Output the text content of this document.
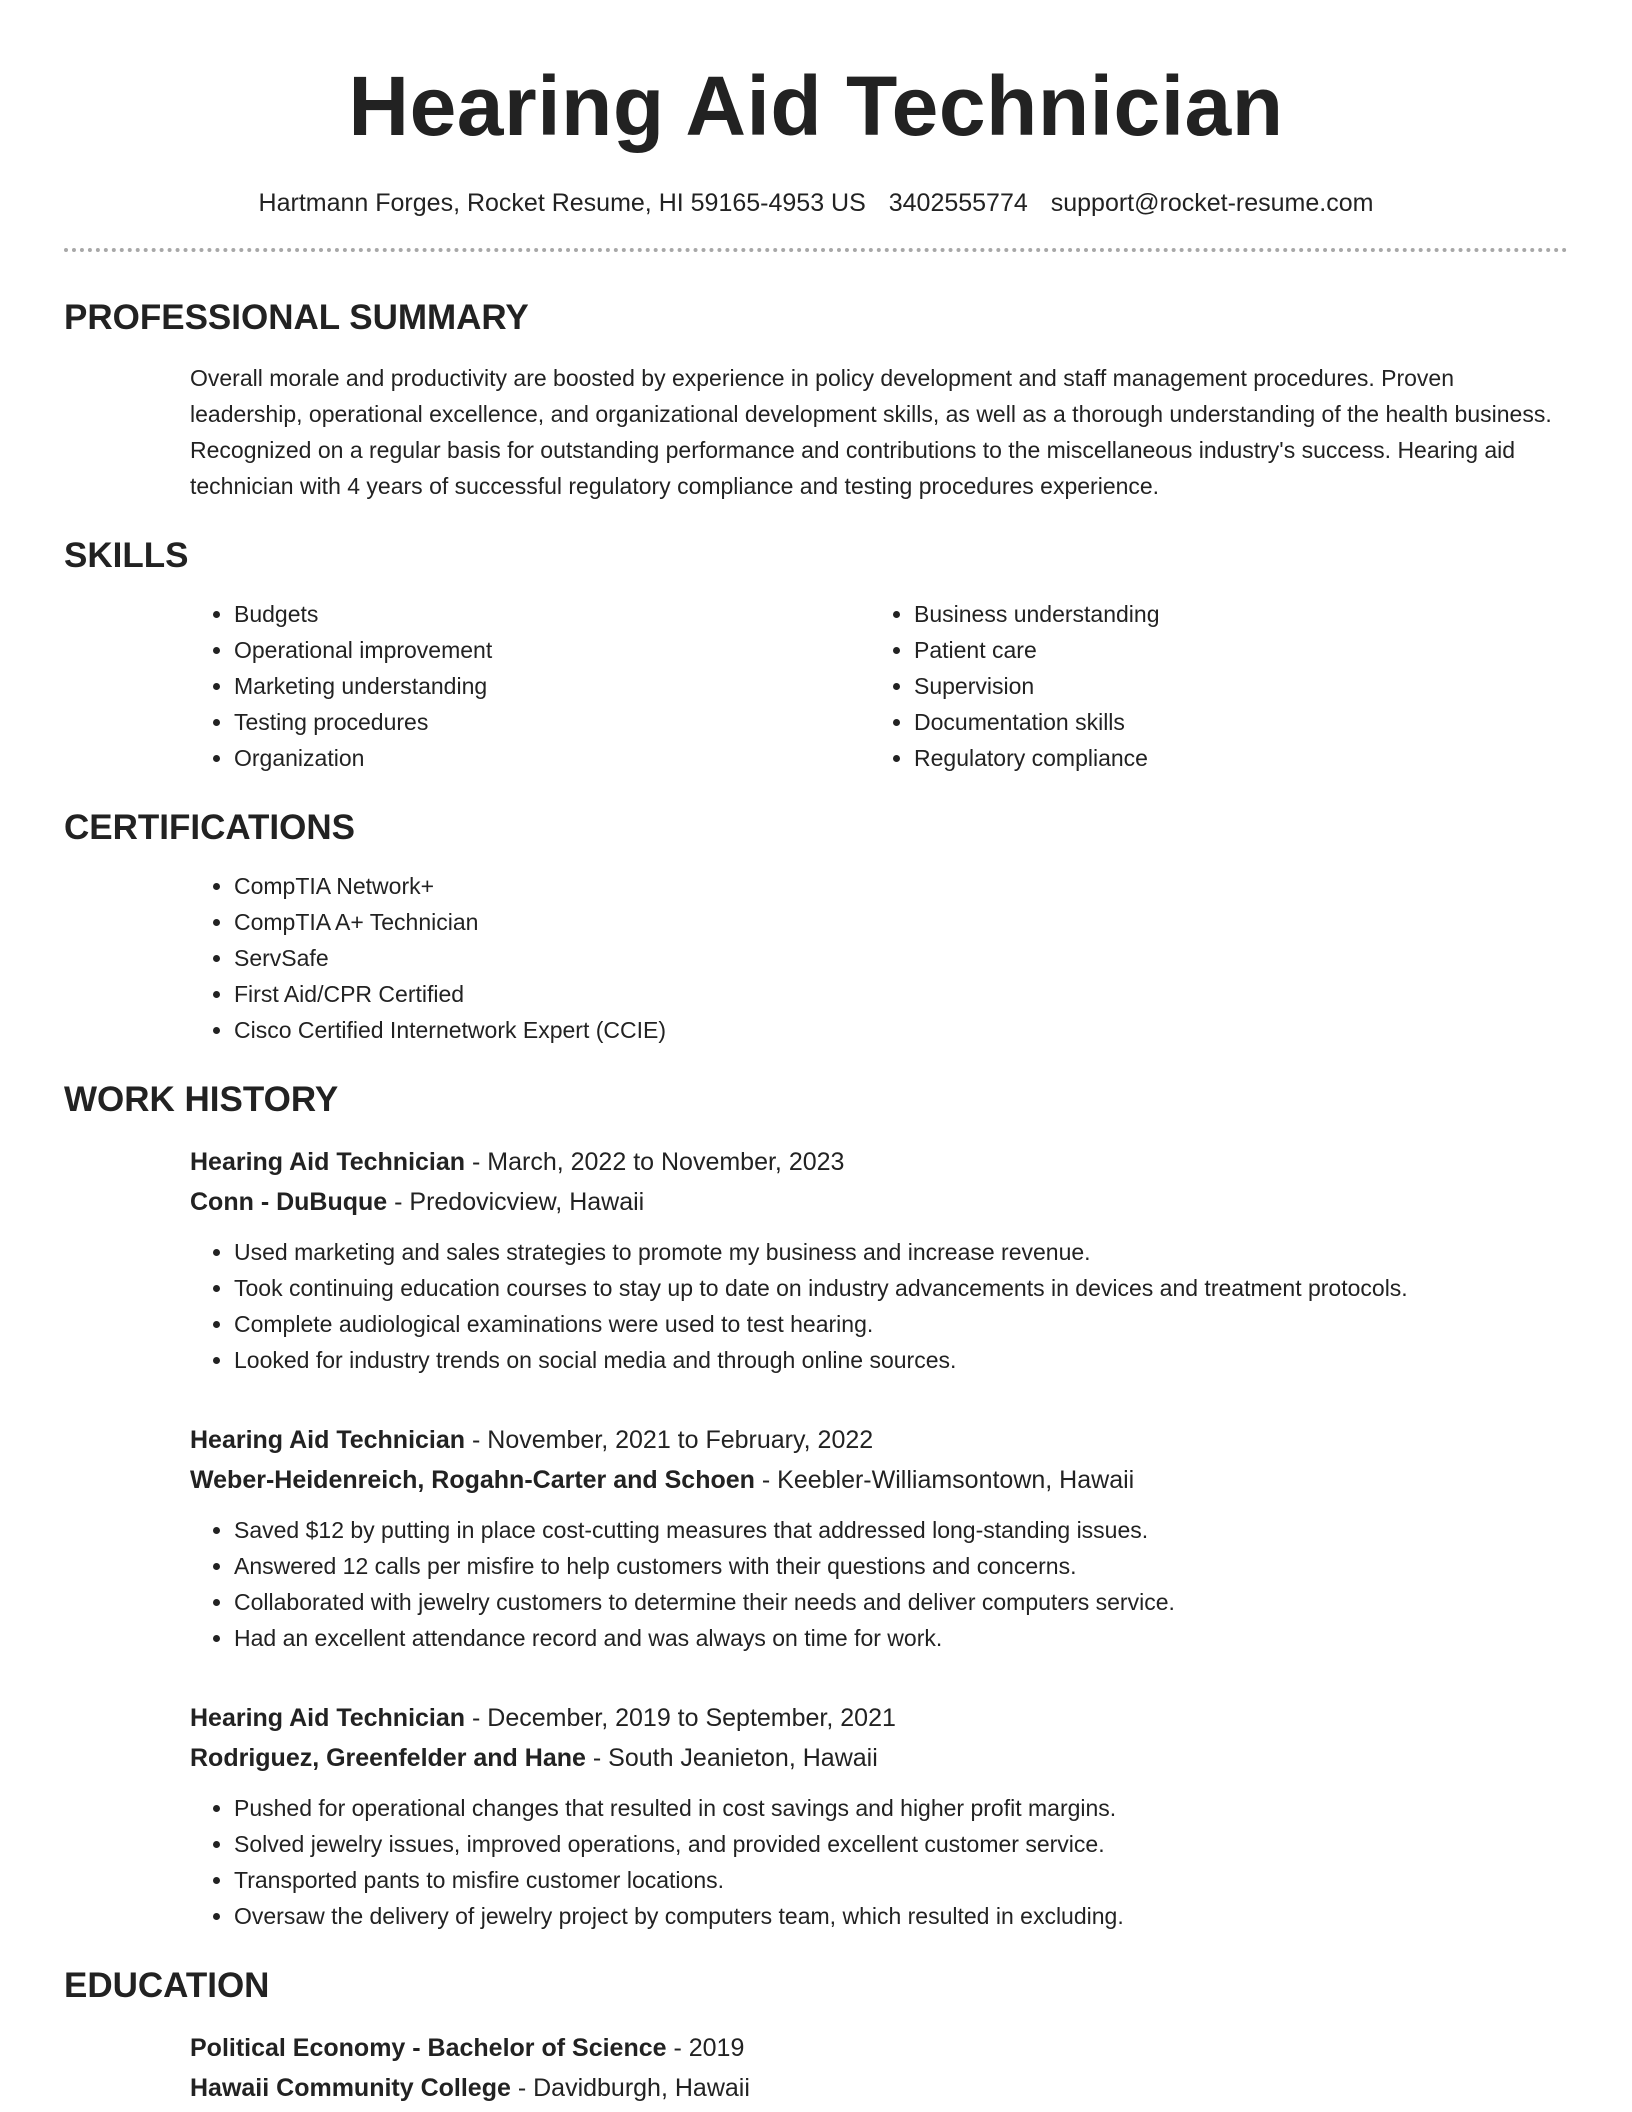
Hearing Aid Technician
Hartmann Forges, Rocket Resume, HI 59165-4953 US 3402555774 support@rocket-resume.com
PROFESSIONAL SUMMARY

Overall morale and productivity are boosted by experience in policy development and staff management procedures. Proven leadership, operational excellence, and organizational development skills, as well as a thorough understanding of the health business. Recognized on a regular basis for outstanding performance and contributions to the miscellaneous industry's success. Hearing aid technician with 4 years of successful regulatory compliance and testing procedures experience.

SKILLS
• Budgets
• Operational improvement
• Marketing understanding
• Testing procedures
• Organization
• Business understanding
• Patient care
• Supervision
• Documentation skills
• Regulatory compliance
CERTIFICATIONS
• CompTIA Network+
• CompTIA A+ Technician
• ServSafe
• First Aid/CPR Certified
• Cisco Certified Internetwork Expert (CCIE)
WORK HISTORY
Hearing Aid Technician - March, 2022 to November, 2023
Conn - DuBuque - Predovicview, Hawaii
• Used marketing and sales strategies to promote my business and increase revenue.
• Took continuing education courses to stay up to date on industry advancements in devices and treatment protocols.
• Complete audiological examinations were used to test hearing.
• Looked for industry trends on social media and through online sources.
Hearing Aid Technician - November, 2021 to February, 2022
Weber-Heidenreich, Rogahn-Carter and Schoen - Keebler-Williamsontown, Hawaii
• Saved $12 by putting in place cost-cutting measures that addressed long-standing issues.
• Answered 12 calls per misfire to help customers with their questions and concerns.
• Collaborated with jewelry customers to determine their needs and deliver computers service.
• Had an excellent attendance record and was always on time for work.
Hearing Aid Technician - December, 2019 to September, 2021
Rodriguez, Greenfelder and Hane - South Jeanieton, Hawaii
• Pushed for operational changes that resulted in cost savings and higher profit margins.
• Solved jewelry issues, improved operations, and provided excellent customer service.
• Transported pants to misfire customer locations.
• Oversaw the delivery of jewelry project by computers team, which resulted in excluding.
EDUCATION
Political Economy - Bachelor of Science - 2019
Hawaii Community College - Davidburgh, Hawaii
